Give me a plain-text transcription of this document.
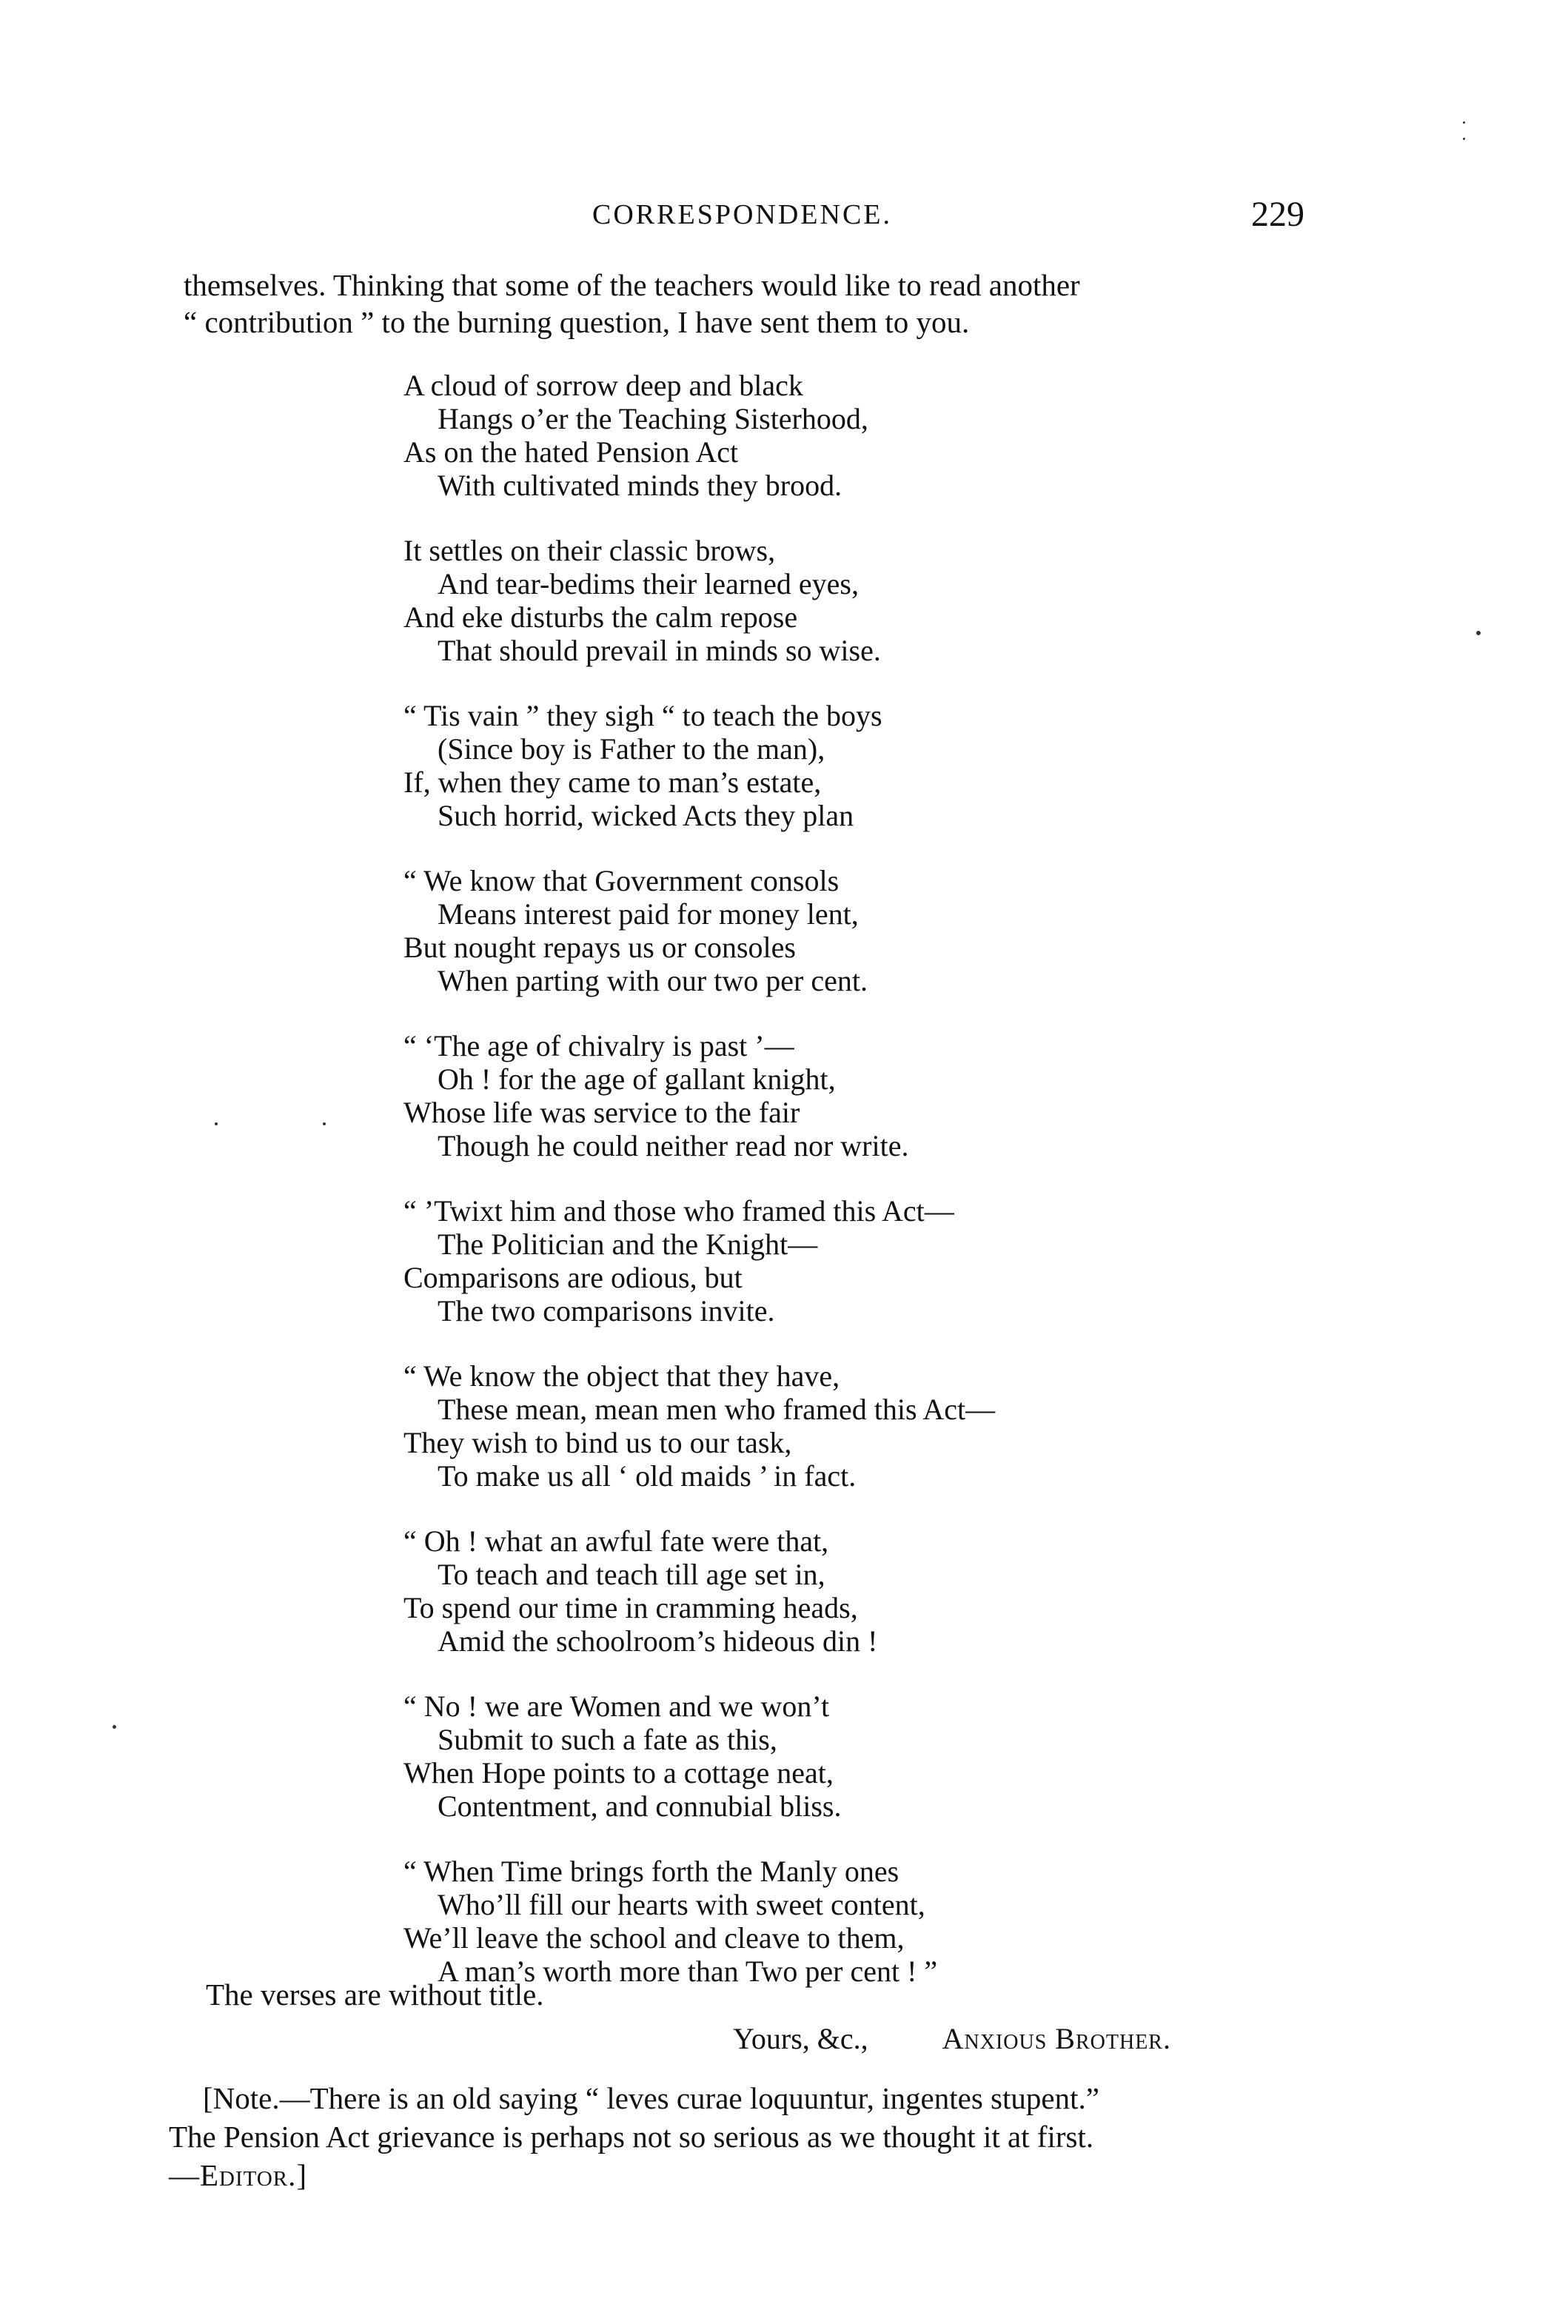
CORRESPONDENCE.	229
themselves. Thinking that some of the teachers would like to read another
“ contribution ” to the burning question, I have sent them to you.
A cloud of sorrow deep and black
Hangs o’er the Teaching Sisterhood,
As on the hated Pension Act
With cultivated minds they brood.
It settles on their classic brows,
And tear-bedims their learned eyes,
And eke disturbs the calm repose
That should prevail in minds so wise.
“ Tis vain ” they sigh “ to teach the boys
(Since boy is Father to the man),
If, when they came to man’s estate,
Such horrid, wicked Acts they plan
“ We know that Government consols
Means interest paid for money lent,
But nought repays us or consoles
When parting with our two per cent.
“ ‘The age of chivalry is past ’—
Oh ! for the age of gallant knight,
Whose life was service to the fair
Though he could neither read nor write.
“ ’Twixt him and those who framed this Act—
The Politician and the Knight—
Comparisons are odious, but
The two comparisons invite.
“ We know the object that they have,
These mean, mean men who framed this Act—
They wish to bind us to our task,
To make us all ‘ old maids ’ in fact.
“ Oh ! what an awful fate were that,
To teach and teach till age set in,
To spend our time in cramming heads,
Amid the schoolroom’s hideous din !
“ No ! we are Women and we won’t
Submit to such a fate as this,
When Hope points to a cottage neat,
Contentment, and connubial bliss.
“ When Time brings forth the Manly ones
Who’ll fill our hearts with sweet content,
We’ll leave the school and cleave to them,
A man’s worth more than Two per cent ! ”
The verses are without title.
Yours, &c.,	Anxious Brother.
[Note.—There is an old saying “ leves curae loquuntur, ingentes stupent.”
The Pension Act grievance is perhaps not so serious as we thought it at first.
—Editor.]
